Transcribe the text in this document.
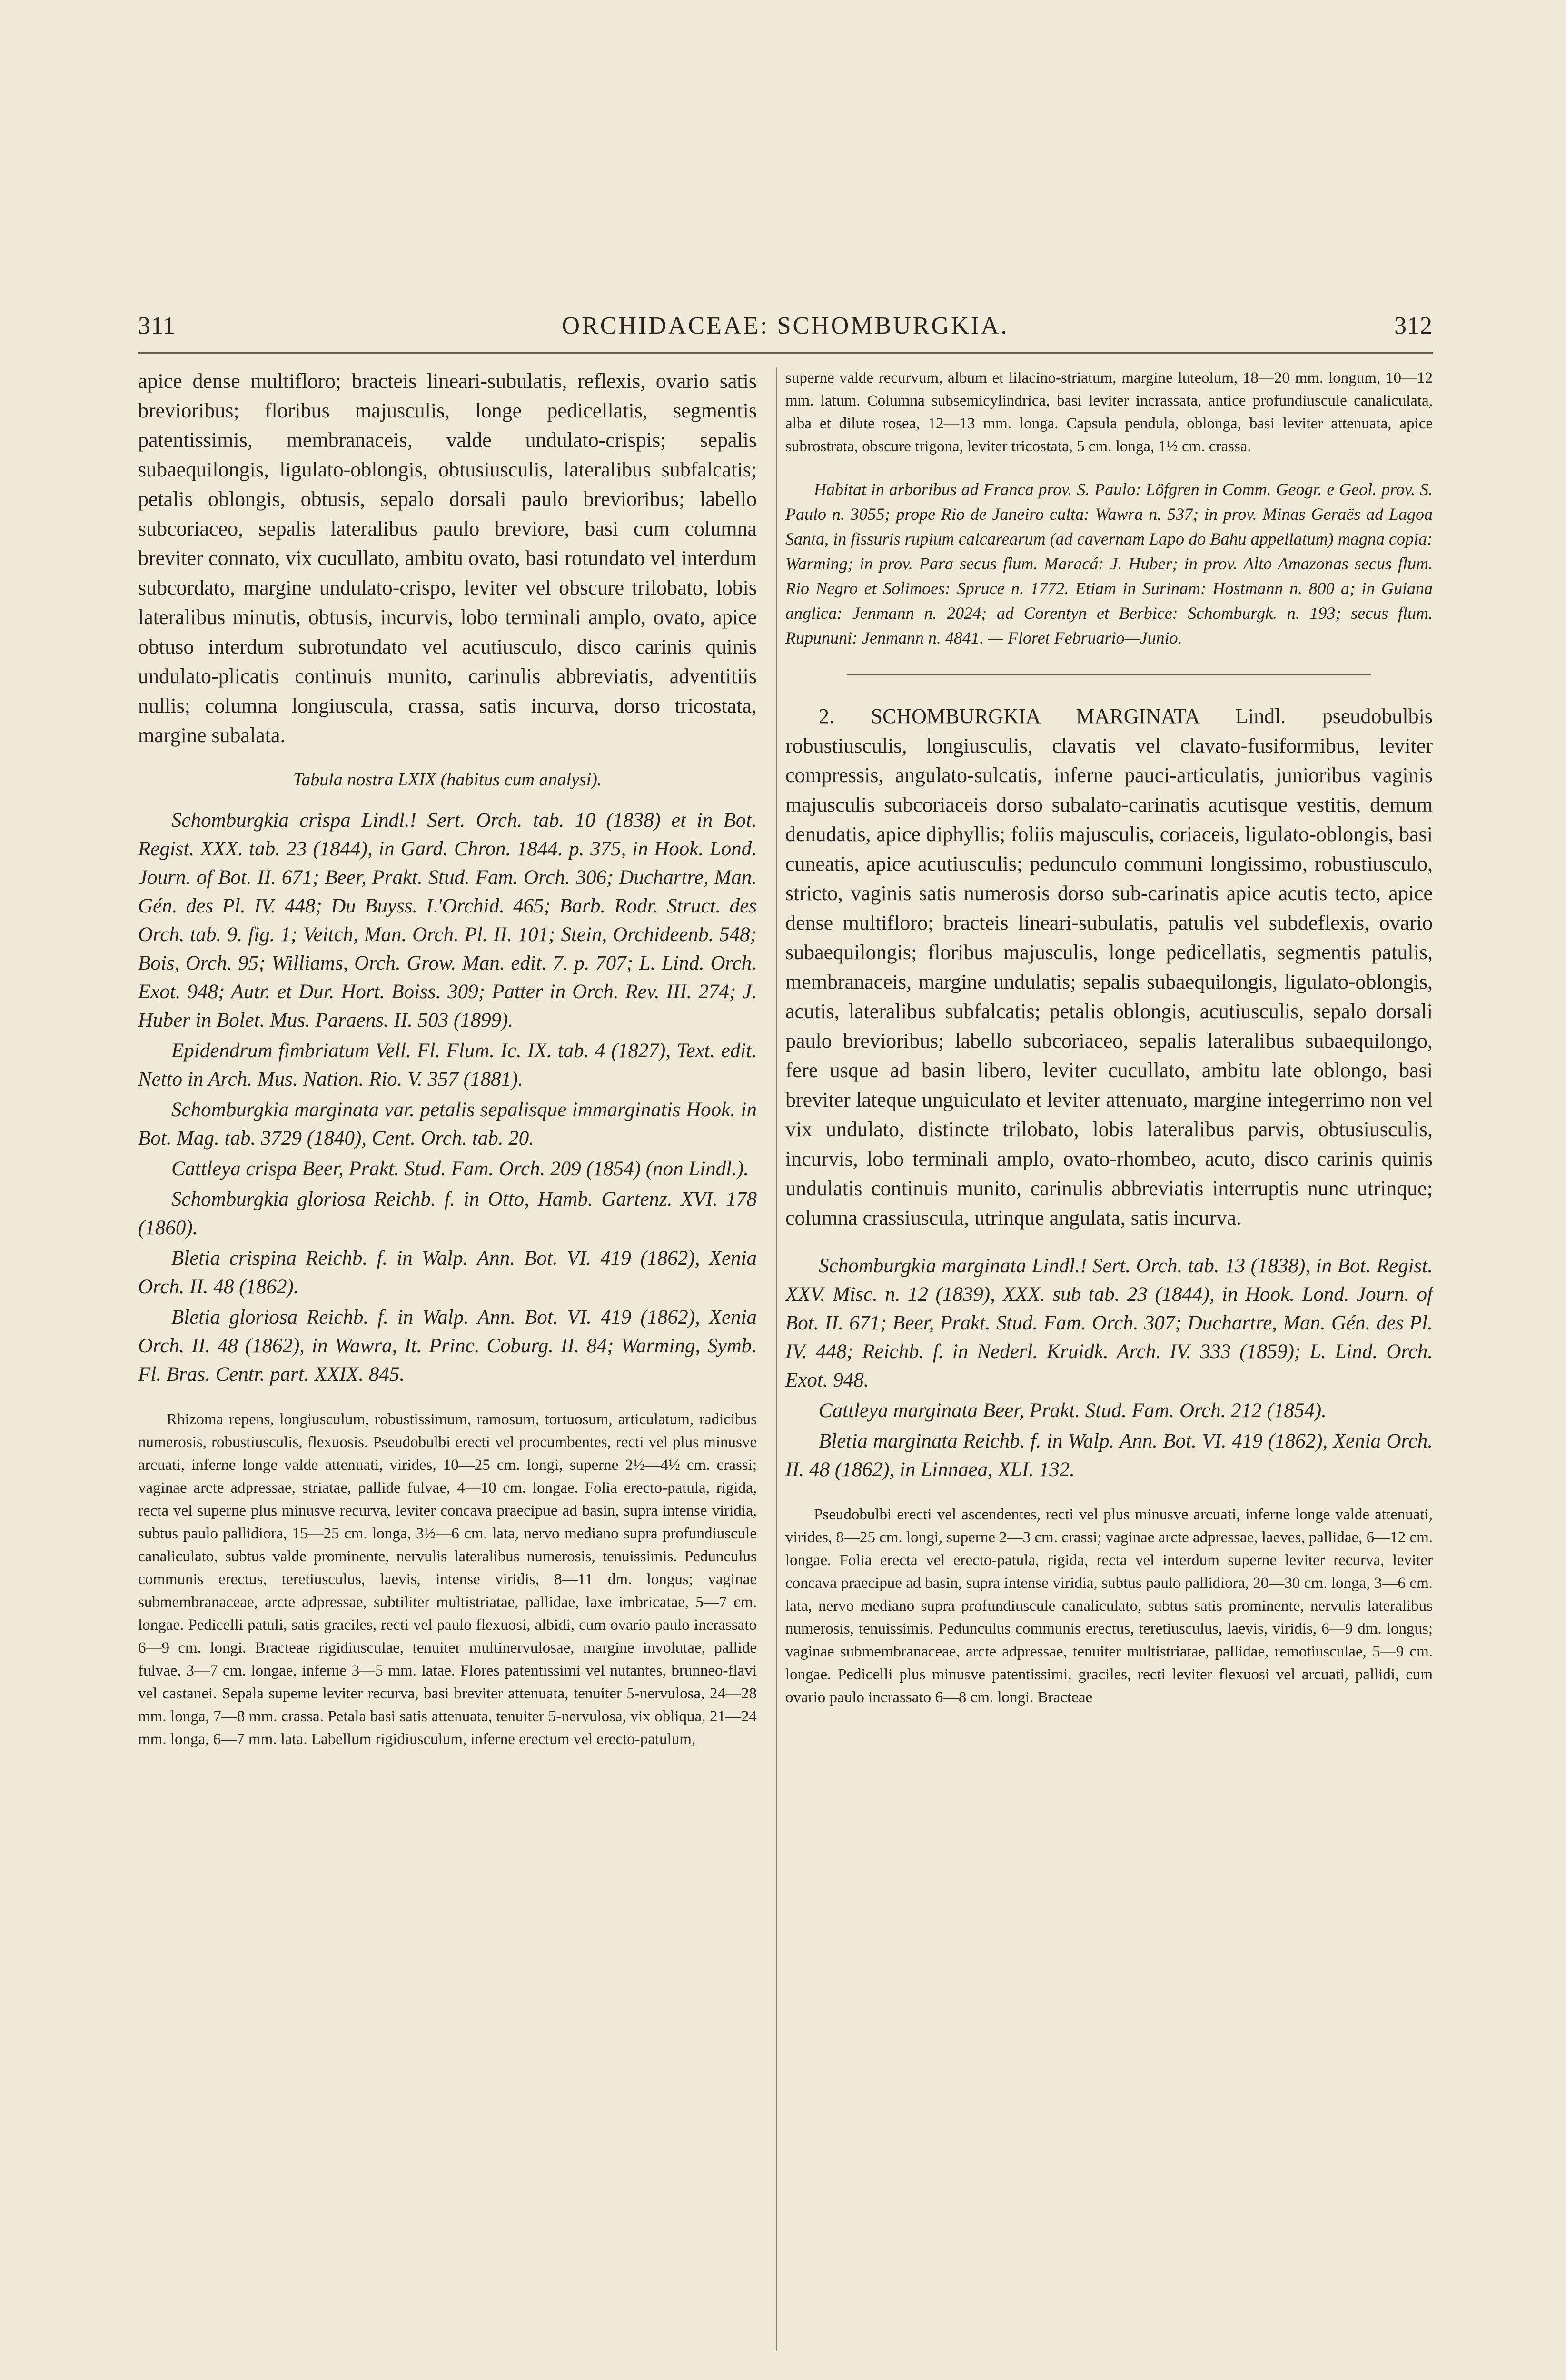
311	ORCHIDACEAE: SCHOMBURGKIA.	312

apice dense multifloro; bracteis lineari-subulatis, reflexis, ovario satis brevioribus; floribus majusculis, longe pedicellatis, segmentis patentissimis, membranaceis, valde undulato-crispis; sepalis subaequilongis, ligulato-oblongis, obtusiusculis, lateralibus subfalcatis; petalis oblongis, obtusis, sepalo dorsali paulo brevioribus; labello subcoriaceo, sepalis lateralibus paulo breviore, basi cum columna breviter connato, vix cucullato, ambitu ovato, basi rotundato vel interdum subcordato, margine undulato-crispo, leviter vel obscure trilobato, lobis lateralibus minutis, obtusis, incurvis, lobo terminali amplo, ovato, apice obtuso interdum subrotundato vel acutiusculo, disco carinis quinis undulato-plicatis continuis munito, carinulis abbreviatis, adventitiis nullis; columna longiuscula, crassa, satis incurva, dorso tricostata, margine subalata.

Tabula nostra LXIX (habitus cum analysi).

Schomburgkia crispa Lindl.! Sert. Orch. tab. 10 (1838) et in Bot. Regist. XXX. tab. 23 (1844), in Gard. Chron. 1844. p. 375, in Hook. Lond. Journ. of Bot. II. 671; Beer, Prakt. Stud. Fam. Orch. 306; Duchartre, Man. Gén. des Pl. IV. 448; Du Buyss. L'Orchid. 465; Barb. Rodr. Struct. des Orch. tab. 9. fig. 1; Veitch, Man. Orch. Pl. II. 101; Stein, Orchideenb. 548; Bois, Orch. 95; Williams, Orch. Grow. Man. edit. 7. p. 707; L. Lind. Orch. Exot. 948; Autr. et Dur. Hort. Boiss. 309; Patter in Orch. Rev. III. 274; J. Huber in Bolet. Mus. Paraens. II. 503 (1899).

Epidendrum fimbriatum Vell. Fl. Flum. Ic. IX. tab. 4 (1827), Text. edit. Netto in Arch. Mus. Nation. Rio. V. 357 (1881).

Schomburgkia marginata var. petalis sepalisque immarginatis Hook. in Bot. Mag. tab. 3729 (1840), Cent. Orch. tab. 20.

Cattleya crispa Beer, Prakt. Stud. Fam. Orch. 209 (1854) (non Lindl.).

Schomburgkia gloriosa Reichb. f. in Otto, Hamb. Gartenz. XVI. 178 (1860).

Bletia crispina Reichb. f. in Walp. Ann. Bot. VI. 419 (1862), Xenia Orch. II. 48 (1862).

Bletia gloriosa Reichb. f. in Walp. Ann. Bot. VI. 419 (1862), Xenia Orch. II. 48 (1862), in Wawra, It. Princ. Coburg. II. 84; Warming, Symb. Fl. Bras. Centr. part. XXIX. 845.

Rhizoma repens, longiusculum, robustissimum, ramosum, tortuosum, articulatum, radicibus numerosis, robustiusculis, flexuosis. Pseudobulbi erecti vel procumbentes, recti vel plus minusve arcuati, inferne longe valde attenuati, virides, 10—25 cm. longi, superne 2½—4½ cm. crassi; vaginae arcte adpressae, striatae, pallide fulvae, 4—10 cm. longae. Folia erecto-patula, rigida, recta vel superne plus minusve recurva, leviter concava praecipue ad basin, supra intense viridia, subtus paulo pallidiora, 15—25 cm. longa, 3½—6 cm. lata, nervo mediano supra profundiuscule canaliculato, subtus valde prominente, nervulis lateralibus numerosis, tenuissimis. Pedunculus communis erectus, teretiusculus, laevis, intense viridis, 8—11 dm. longus; vaginae submembranaceae, arcte adpressae, subtiliter multistriatae, pallidae, laxe imbricatae, 5—7 cm. longae. Pedicelli patuli, satis graciles, recti vel paulo flexuosi, albidi, cum ovario paulo incrassato 6—9 cm. longi. Bracteae rigidiusculae, tenuiter multinervulosae, margine involutae, pallide fulvae, 3—7 cm. longae, inferne 3—5 mm. latae. Flores patentissimi vel nutantes, brunneo-flavi vel castanei. Sepala superne leviter recurva, basi breviter attenuata, tenuiter 5-nervulosa, 24—28 mm. longa, 7—8 mm. crassa. Petala basi satis attenuata, tenuiter 5-nervulosa, vix obliqua, 21—24 mm. longa, 6—7 mm. lata. Labellum rigidiusculum, inferne erectum vel erecto-patulum,

superne valde recurvum, album et lilacino-striatum, margine luteolum, 18—20 mm. longum, 10—12 mm. latum. Columna subsemicylindrica, basi leviter incrassata, antice profundiuscule canaliculata, alba et dilute rosea, 12—13 mm. longa. Capsula pendula, oblonga, basi leviter attenuata, apice subrostrata, obscure trigona, leviter tricostata, 5 cm. longa, 1½ cm. crassa.

Habitat in arboribus ad Franca prov. S. Paulo: Löfgren in Comm. Geogr. e Geol. prov. S. Paulo n. 3055; prope Rio de Janeiro culta: Wawra n. 537; in prov. Minas Geraës ad Lagoa Santa, in fissuris rupium calcarearum (ad cavernam Lapo do Bahu appellatum) magna copia: Warming; in prov. Para secus flum. Maracá: J. Huber; in prov. Alto Amazonas secus flum. Rio Negro et Solimoes: Spruce n. 1772. Etiam in Surinam: Hostmann n. 800 a; in Guiana anglica: Jenmann n. 2024; ad Corentyn et Berbice: Schomburgk. n. 193; secus flum. Rupununi: Jenmann n. 4841. — Floret Februario—Junio.

2. SCHOMBURGKIA MARGINATA Lindl. pseudobulbis robustiusculis, longiusculis, clavatis vel clavato-fusiformibus, leviter compressis, angulato-sulcatis, inferne pauci-articulatis, junioribus vaginis majusculis subcoriaceis dorso subalato-carinatis acutisque vestitis, demum denudatis, apice diphyllis; foliis majusculis, coriaceis, ligulato-oblongis, basi cuneatis, apice acutiusculis; pedunculo communi longissimo, robustiusculo, stricto, vaginis satis numerosis dorso sub-carinatis apice acutis tecto, apice dense multifloro; bracteis lineari-subulatis, patulis vel subdeflexis, ovario subaequilongis; floribus majusculis, longe pedicellatis, segmentis patulis, membranaceis, margine undulatis; sepalis subaequilongis, ligulato-oblongis, acutis, lateralibus subfalcatis; petalis oblongis, acutiusculis, sepalo dorsali paulo brevioribus; labello subcoriaceo, sepalis lateralibus subaequilongo, fere usque ad basin libero, leviter cucullato, ambitu late oblongo, basi breviter lateque unguiculato et leviter attenuato, margine integerrimo non vel vix undulato, distincte trilobato, lobis lateralibus parvis, obtusiusculis, incurvis, lobo terminali amplo, ovato-rhombeo, acuto, disco carinis quinis undulatis continuis munito, carinulis abbreviatis interruptis nunc utrinque; columna crassiuscula, utrinque angulata, satis incurva.

Schomburgkia marginata Lindl.! Sert. Orch. tab. 13 (1838), in Bot. Regist. XXV. Misc. n. 12 (1839), XXX. sub tab. 23 (1844), in Hook. Lond. Journ. of Bot. II. 671; Beer, Prakt. Stud. Fam. Orch. 307; Duchartre, Man. Gén. des Pl. IV. 448; Reichb. f. in Nederl. Kruidk. Arch. IV. 333 (1859); L. Lind. Orch. Exot. 948.

Cattleya marginata Beer, Prakt. Stud. Fam. Orch. 212 (1854).

Bletia marginata Reichb. f. in Walp. Ann. Bot. VI. 419 (1862), Xenia Orch. II. 48 (1862), in Linnaea, XLI. 132.

Pseudobulbi erecti vel ascendentes, recti vel plus minusve arcuati, inferne longe valde attenuati, virides, 8—25 cm. longi, superne 2—3 cm. crassi; vaginae arcte adpressae, laeves, pallidae, 6—12 cm. longae. Folia erecta vel erecto-patula, rigida, recta vel interdum superne leviter recurva, leviter concava praecipue ad basin, supra intense viridia, subtus paulo pallidiora, 20—30 cm. longa, 3—6 cm. lata, nervo mediano supra profundiuscule canaliculato, subtus satis prominente, nervulis lateralibus numerosis, tenuissimis. Pedunculus communis erectus, teretiusculus, laevis, viridis, 6—9 dm. longus; vaginae submembranaceae, arcte adpressae, tenuiter multistriatae, pallidae, remotiusculae, 5—9 cm. longae. Pedicelli plus minusve patentissimi, graciles, recti leviter flexuosi vel arcuati, pallidi, cum ovario paulo incrassato 6—8 cm. longi. Bracteae
